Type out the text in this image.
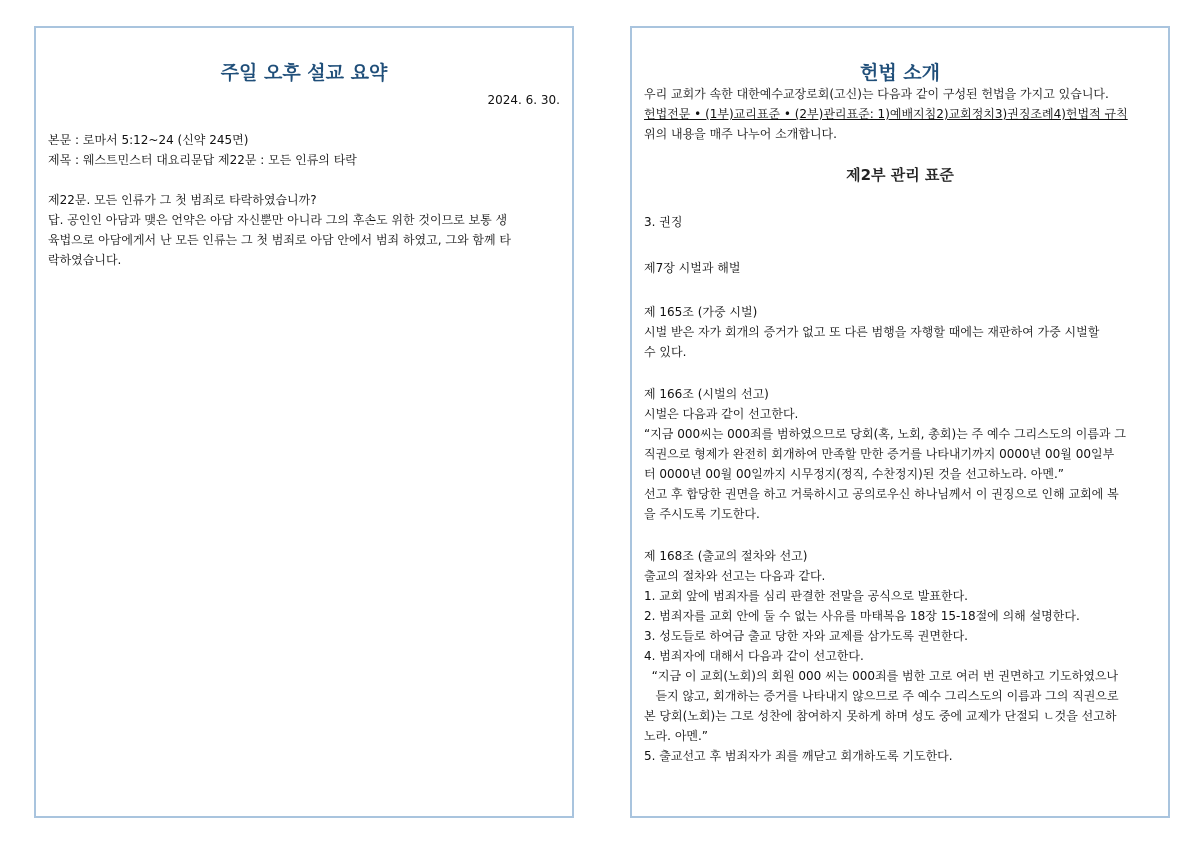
주일 오후 설교 요약
2024. 6. 30.
본문 : 로마서 5:12~24 (신약 245면)
제목 : 웨스트민스터 대요리문답 제22문 : 모든 인류의 타락
제22문. 모든 인류가 그 첫 범죄로 타락하였습니까?
답. 공인인 아담과 맺은 언약은 아담 자신뿐만 아니라 그의 후손도 위한 것이므로 보통 생
육법으로 아담에게서 난 모든 인류는 그 첫 범죄로 아담 안에서 범죄 하였고, 그와 함께 타
락하였습니다.
헌법 소개
우리 교회가 속한 대한예수교장로회(고신)는 다음과 같이 구성된 헌법을 가지고 있습니다.
헌법전문 • (1부)교리표준 • (2부)관리표준: 1)예배지침2)교회정치3)권징조례4)헌법적 규칙
위의 내용을 매주 나누어 소개합니다.
제2부 관리 표준
3. 권징
제7장 시벌과 해벌
제 165조 (가중 시벌)
시벌 받은 자가 회개의 증거가 없고 또 다른 범행을 자행할 때에는 재판하여 가중 시벌할
수 있다.
제 166조 (시벌의 선고)
시벌은 다음과 같이 선고한다.
“지금 000씨는 000죄를 범하였으므로 당회(혹, 노회, 총회)는 주 예수 그리스도의 이름과 그
직권으로 형제가 완전히 회개하여 만족할 만한 증거를 나타내기까지 0000년 00월 00일부
터 0000년 00월 00일까지 시무정지(정직, 수찬정지)된 것을 선고하노라. 아멘.”
선고 후 합당한 권면을 하고 거룩하시고 공의로우신 하나님께서 이 권징으로 인해 교회에 복
을 주시도록 기도한다.
제 168조 (출교의 절차와 선고)
출교의 절차와 선고는 다음과 같다.
1. 교회 앞에 범죄자를 심리 판결한 전말을 공식으로 발표한다.
2. 범죄자를 교회 안에 둘 수 없는 사유를 마태복음 18장 15-18절에 의해 설명한다.
3. 성도들로 하여금 출교 당한 자와 교제를 삼가도록 권면한다.
4. 범죄자에 대해서 다음과 같이 선고한다.
“지금 이 교회(노회)의 회원 000 씨는 000죄를 범한 고로 여러 번 권면하고 기도하였으나
듣지 않고, 회개하는 증거를 나타내지 않으므로 주 예수 그리스도의 이름과 그의 직권으로
본 당회(노회)는 그로 성찬에 참여하지 못하게 하며 성도 중에 교제가 단절되 ㄴ것을 선고하
노라. 아멘.”
5. 출교선고 후 범죄자가 죄를 깨닫고 회개하도록 기도한다.
